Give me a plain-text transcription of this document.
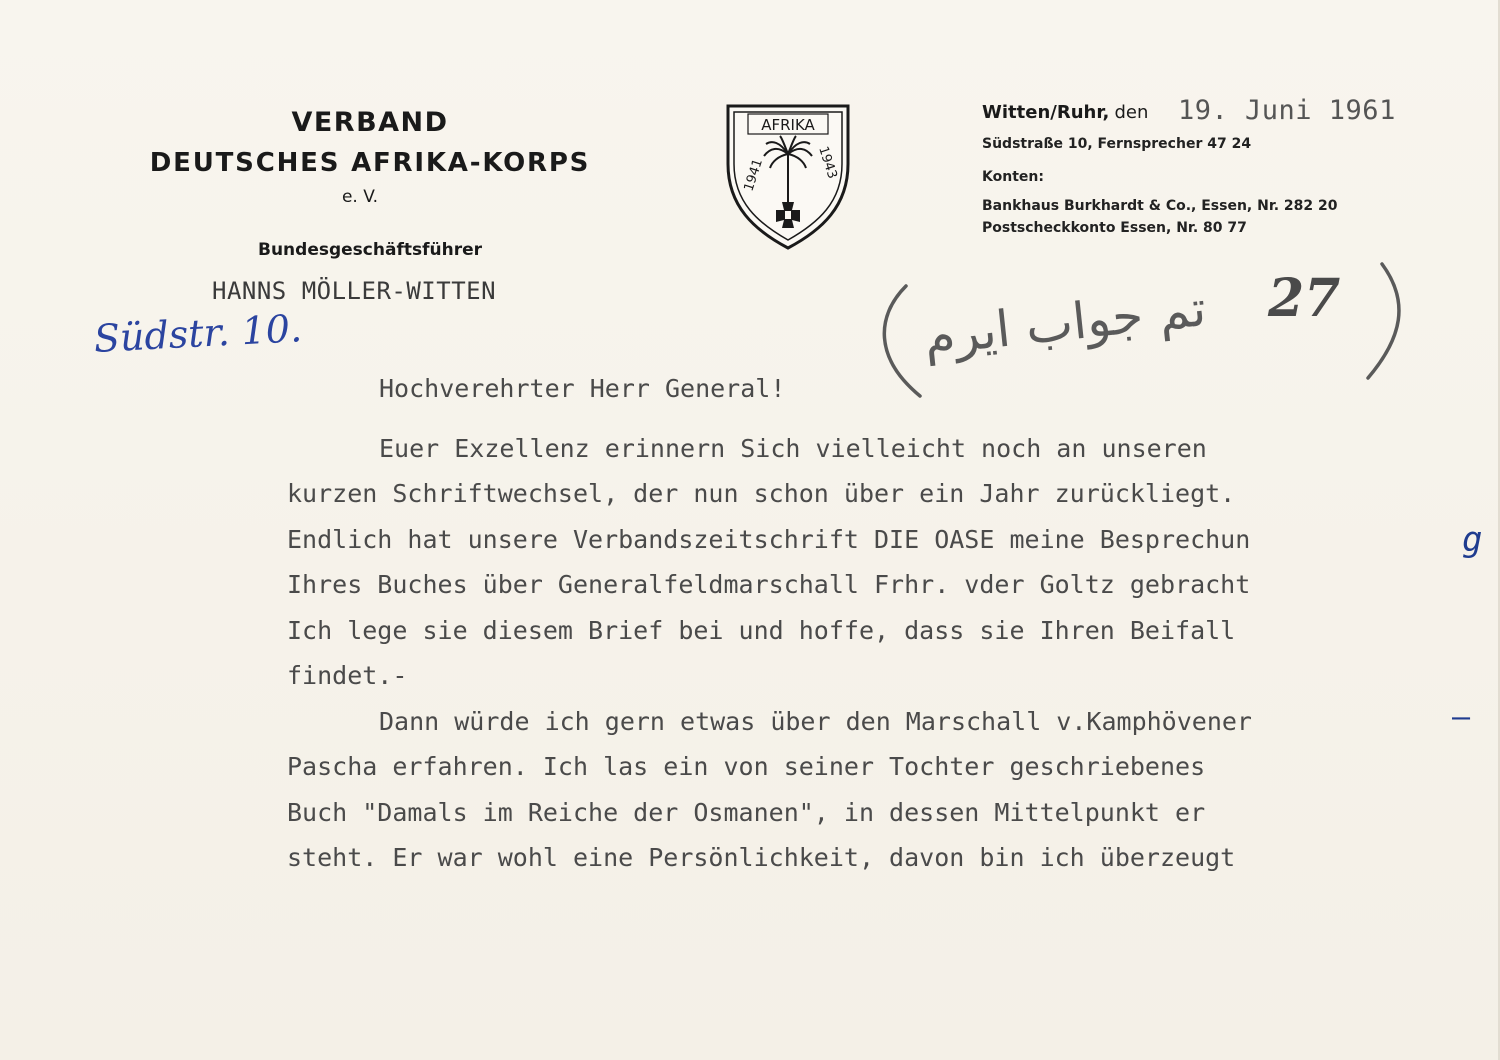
VERBAND
DEUTSCHES AFRIKA-KORPS
e. V.
Bundesgeschäftsführer
HANNS MÖLLER-WITTEN
AFRIKA
1941	1943
Witten/Ruhr, den 19. Juni 1961
Südstraße 10, Fernsprecher 47 24
Konten:
Bankhaus Burkhardt & Co., Essen, Nr. 282 20
Postscheckkonto Essen, Nr. 80 77
Südstr. 10.	تم جواب ایرم 27

Hochverehrter Herr General!

Euer Exzellenz erinnern Sich vielleicht noch an unseren

kurzen Schriftwechsel, der nun schon über ein Jahr zurückliegt.

Endlich hat unsere Verbandszeitschrift DIE OASE meine Besprechun

Ihres Buches über Generalfeldmarschall Frhr. vder Goltz gebracht

Ich lege sie diesem Brief bei und hoffe, dass sie Ihren Beifall

findet.-

Dann würde ich gern etwas über den Marschall v.Kamphövener

Pascha erfahren. Ich las ein von seiner Tochter geschriebenes

Buch "Damals im Reiche der Osmanen", in dessen Mittelpunkt er

steht. Er war wohl eine Persönlichkeit, davon bin ich überzeugt

g
—
